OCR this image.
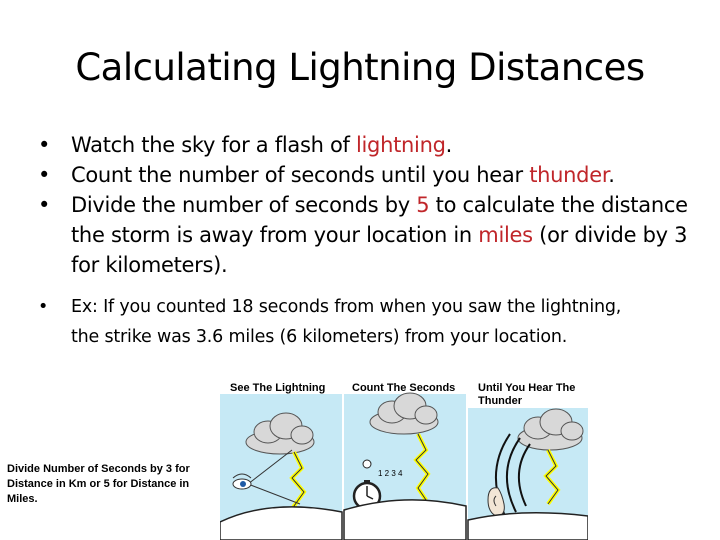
Calculating Lightning Distances
• Watch the sky for a flash of lightning.
• Count the number of seconds until you hear thunder.
• Divide the number of seconds by 5 to calculate the distance the storm is away from your location in miles (or divide by 3 for kilometers).
• Ex: If you counted 18 seconds from when you saw the lightning, the strike was 3.6 miles (6 kilometers) from your location.
1 2 3 4
See The Lightning	Count The Seconds	Until You Hear The Thunder
Divide Number of Seconds by 3 for Distance in Km or 5 for Distance in Miles.
